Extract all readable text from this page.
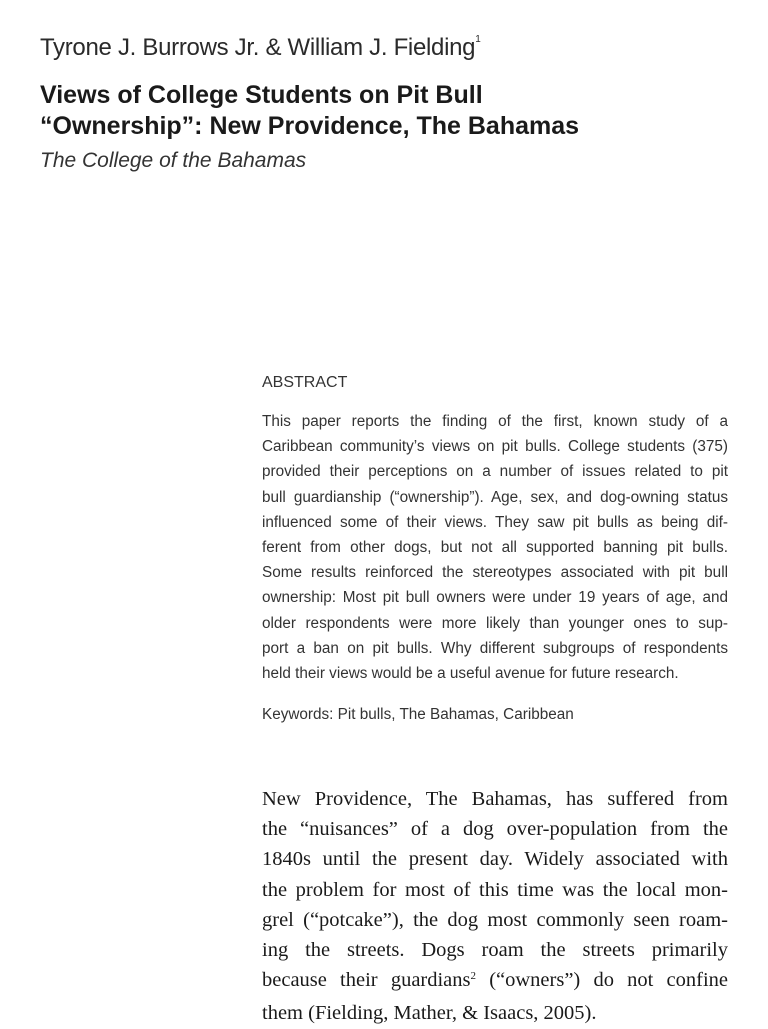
Tyrone J. Burrows Jr. & William J. Fielding$^1$
Views of College Students on Pit Bull
“Ownership”: New Providence, The Bahamas
The College of the Bahamas
ABSTRACT
This paper reports the finding of the first, known study of a
Caribbean community’s views on pit bulls. College students (375)
provided their perceptions on a number of issues related to pit
bull guardianship (“ownership”). Age, sex, and dog-owning status
influenced some of their views. They saw pit bulls as being dif-
ferent from other dogs, but not all supported banning pit bulls.
Some results reinforced the stereotypes associated with pit bull
ownership: Most pit bull owners were under 19 years of age, and
older respondents were more likely than younger ones to sup-
port a ban on pit bulls. Why different subgroups of respondents
held their views would be a useful avenue for future research.
Keywords: Pit bulls, The Bahamas, Caribbean
New Providence, The Bahamas, has suffered from
the “nuisances” of a dog over-population from the
1840s until the present day. Widely associated with
the problem for most of this time was the local mon-
grel (“potcake”), the dog most commonly seen roam-
ing the streets. Dogs roam the streets primarily
because their guardians$^2$ (“owners”) do not confine
them (Fielding, Mather, & Isaacs, 2005).
